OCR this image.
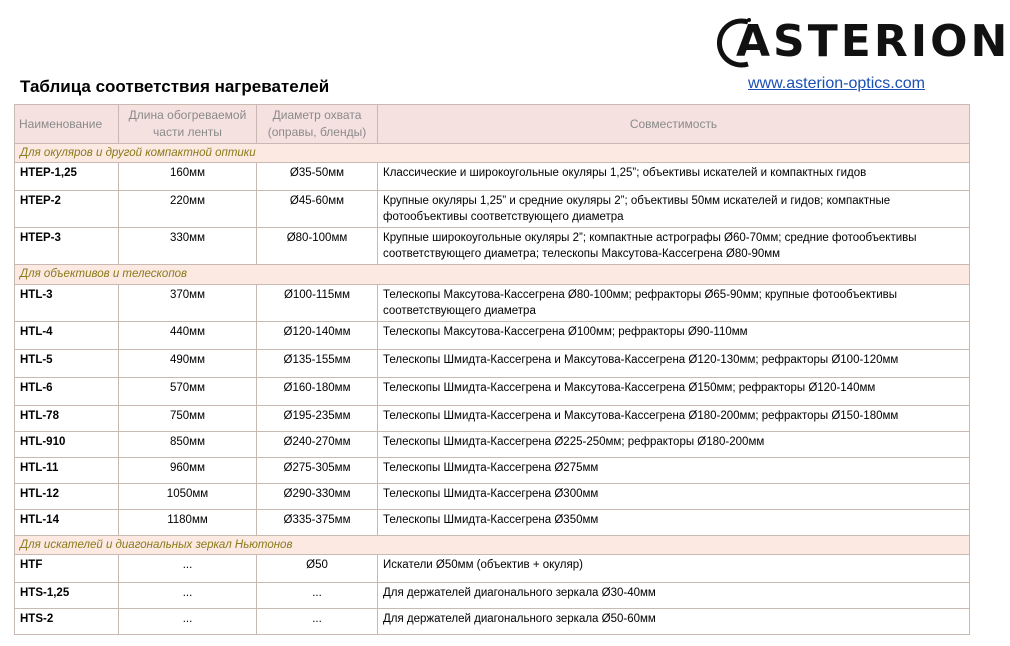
Таблица соответствия нагревателей
ASTERION
www.asterion-optics.com
Наименование	Длина обогреваемой части ленты	Диаметр охвата (оправы, бленды)	Совместимость
Для окуляров и другой компактной оптики			
HTEP-1,25	160мм	Ø35-50мм	Классические и широкоугольные окуляры 1,25”; объективы искателей и компактных гидов
HTEP-2	220мм	Ø45-60мм	Крупные окуляры 1,25” и средние окуляры 2”; объективы 50мм искателей и гидов; компактные фотообъективы соответствующего диаметра
HTEP-3	330мм	Ø80-100мм	Крупные широкоугольные окуляры 2”; компактные астрографы Ø60-70мм; средние фотообъективы соответствующего диаметра; телескопы Максутова-Кассегрена Ø80-90мм
Для объективов и телескопов			
HTL-3	370мм	Ø100-115мм	Телескопы Максутова-Кассегрена Ø80-100мм; рефракторы Ø65-90мм; крупные фотообъективы соответствующего диаметра
HTL-4	440мм	Ø120-140мм	Телескопы Максутова-Кассегрена Ø100мм; рефракторы Ø90-110мм
HTL-5	490мм	Ø135-155мм	Телескопы Шмидта-Кассегрена и Максутова-Кассегрена Ø120-130мм; рефракторы Ø100-120мм
HTL-6	570мм	Ø160-180мм	Телескопы Шмидта-Кассегрена и Максутова-Кассегрена Ø150мм; рефракторы Ø120-140мм
HTL-78	750мм	Ø195-235мм	Телескопы Шмидта-Кассегрена и Максутова-Кассегрена Ø180-200мм; рефракторы Ø150-180мм
HTL-910	850мм	Ø240-270мм	Телескопы Шмидта-Кассегрена Ø225-250мм; рефракторы Ø180-200мм
HTL-11	960мм	Ø275-305мм	Телескопы Шмидта-Кассегрена Ø275мм
HTL-12	1050мм	Ø290-330мм	Телескопы Шмидта-Кассегрена Ø300мм
HTL-14	1180мм	Ø335-375мм	Телескопы Шмидта-Кассегрена Ø350мм
Для искателей и диагональных зеркал Ньютонов			
HTF	...	Ø50	Искатели Ø50мм (объектив + окуляр)
HTS-1,25	...	...	Для держателей диагонального зеркала Ø30-40мм
HTS-2	...	...	Для держателей диагонального зеркала Ø50-60мм
